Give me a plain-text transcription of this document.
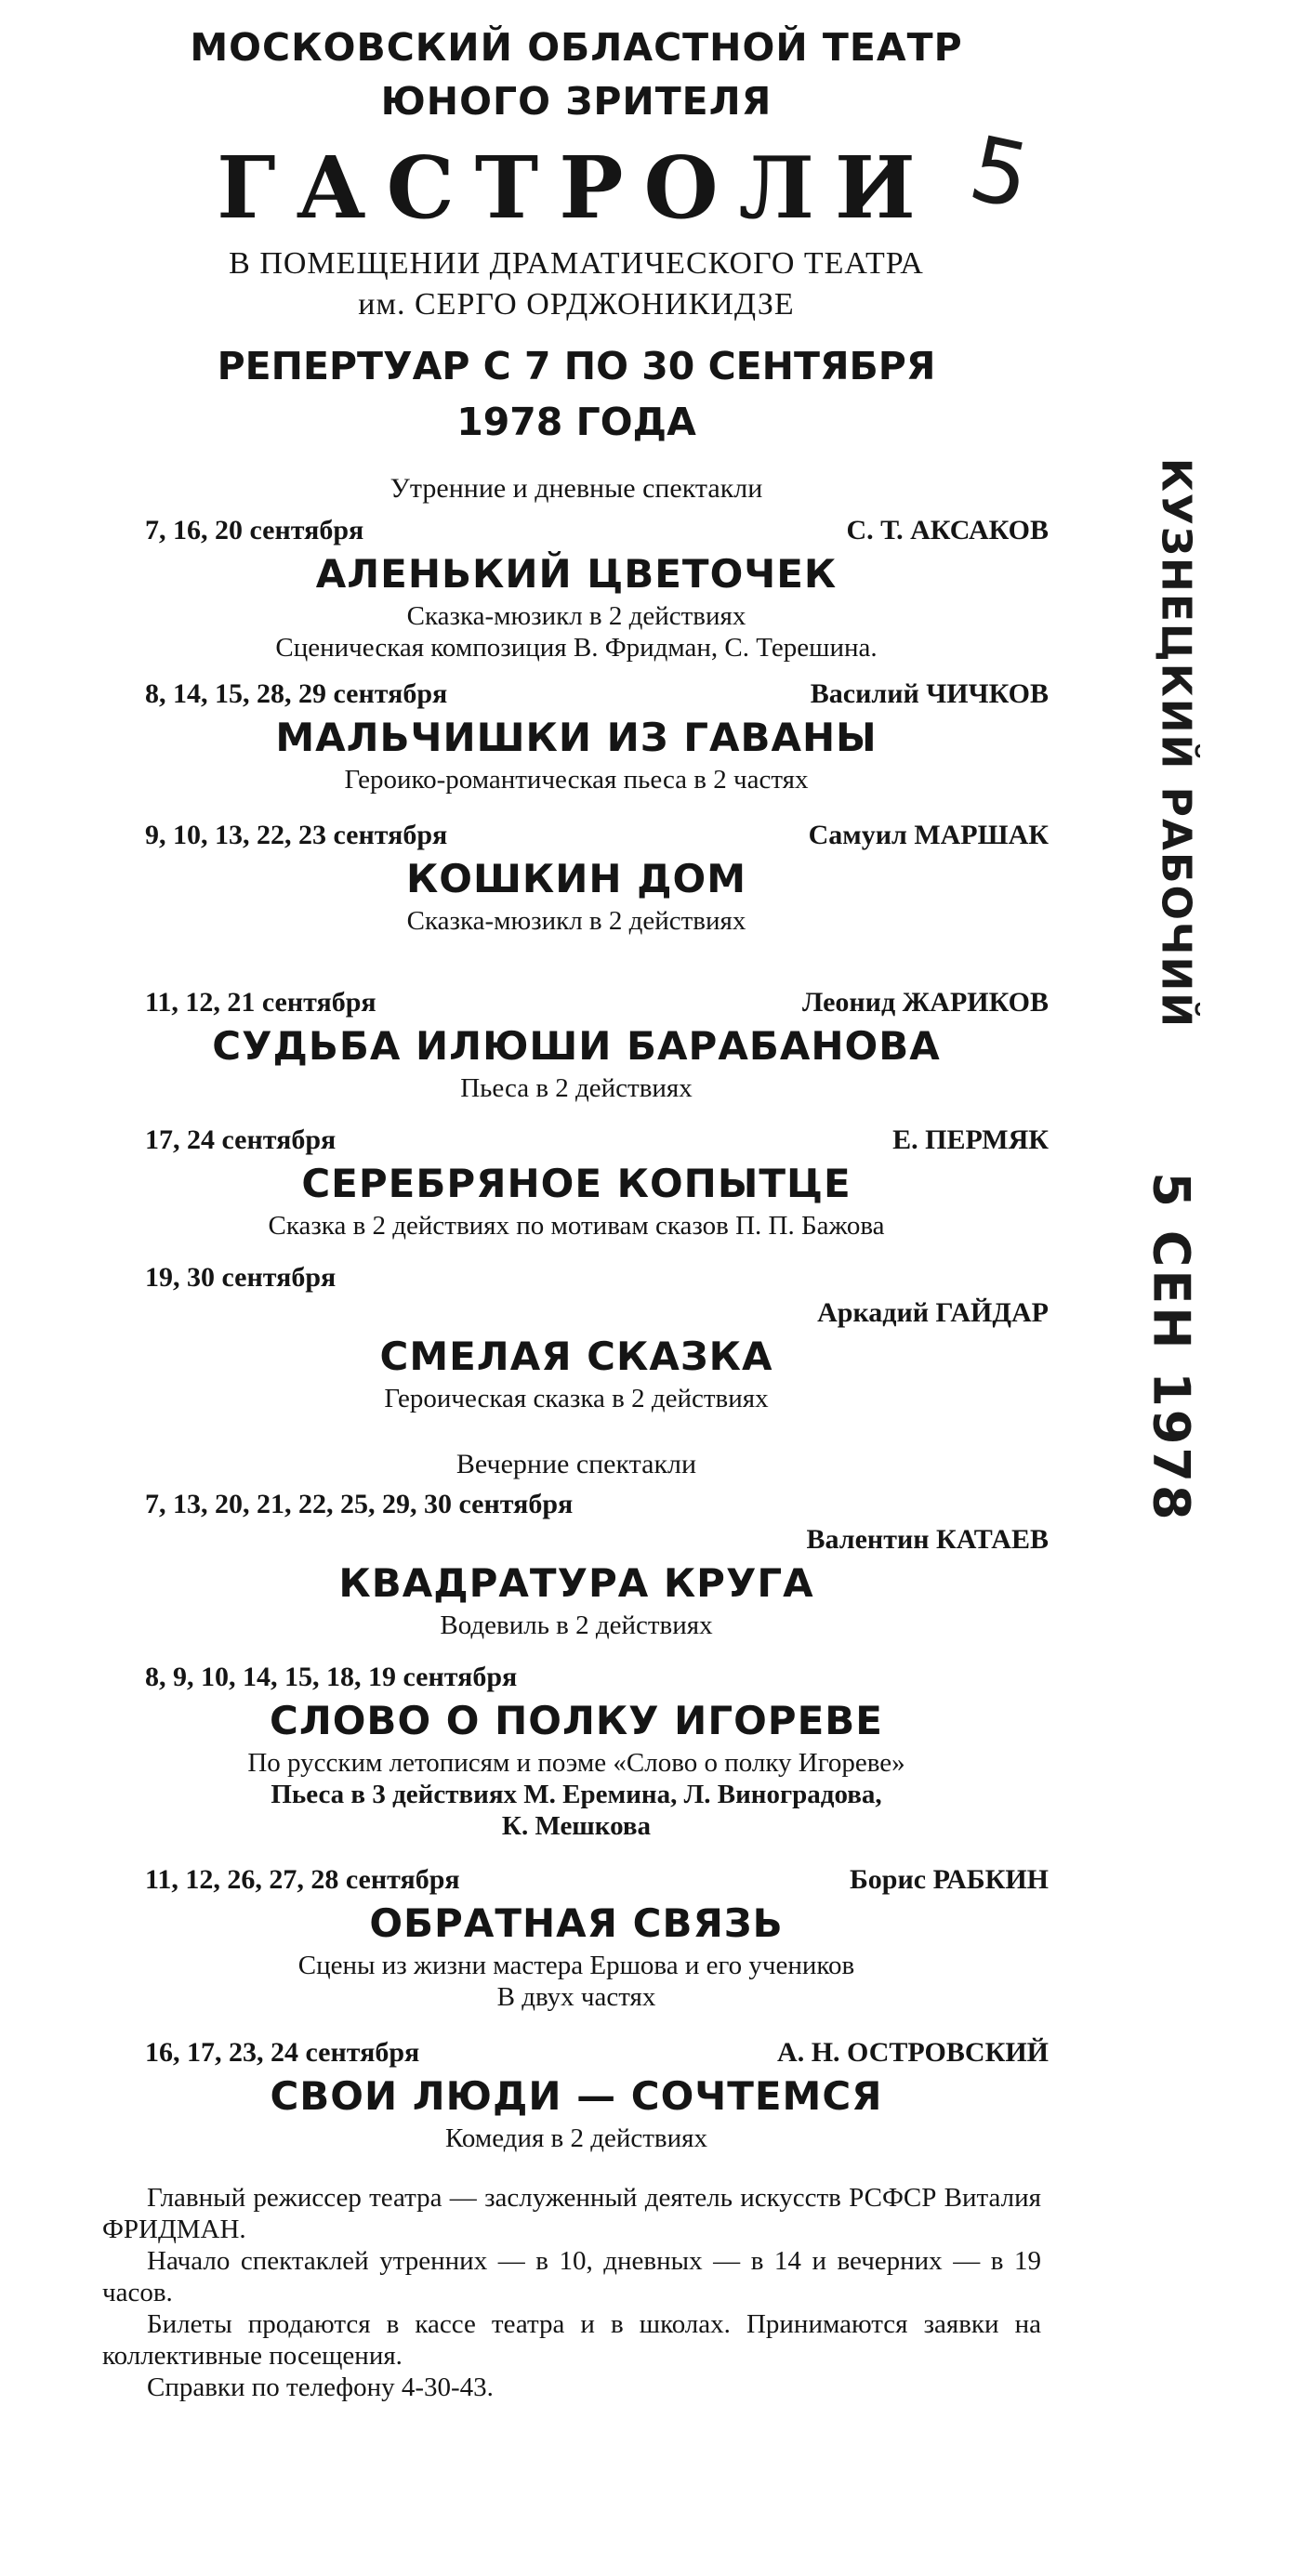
МОСКОВСКИЙ ОБЛАСТНОЙ ТЕАТР
ЮНОГО ЗРИТЕЛЯ
ГАСТРОЛИ
В ПОМЕЩЕНИИ ДРАМАТИЧЕСКОГО ТЕАТРА
им. СЕРГО ОРДЖОНИКИДЗЕ
РЕПЕРТУАР С 7 ПО 30 СЕНТЯБРЯ
1978 ГОДА
Утренние и дневные спектакли
7, 16, 20 сентября	С. Т. АКСАКОВ
АЛЕНЬКИЙ ЦВЕТОЧЕК
Сказка-мюзикл в 2 действиях
Сценическая композиция В. Фридман, С. Терешина.
8, 14, 15, 28, 29 сентября	Василий ЧИЧКОВ
МАЛЬЧИШКИ ИЗ ГАВАНЫ
Героико-романтическая пьеса в 2 частях
9, 10, 13, 22, 23 сентября	Самуил МАРШАК
КОШКИН ДОМ
Сказка-мюзикл в 2 действиях
11, 12, 21 сентября	Леонид ЖАРИКОВ
СУДЬБА ИЛЮШИ БАРАБАНОВА
Пьеса в 2 действиях
17, 24 сентября	Е. ПЕРМЯК
СЕРЕБРЯНОЕ КОПЫТЦЕ
Сказка в 2 действиях по мотивам сказов П. П. Бажова
19, 30 сентября
Аркадий ГАЙДАР
СМЕЛАЯ СКАЗКА
Героическая сказка в 2 действиях
Вечерние спектакли
7, 13, 20, 21, 22, 25, 29, 30 сентября
Валентин КАТАЕВ
КВАДРАТУРА КРУГА
Водевиль в 2 действиях
8, 9, 10, 14, 15, 18, 19 сентября
СЛОВО О ПОЛКУ ИГОРЕВЕ
По русским летописям и поэме «Слово о полку Игореве»
Пьеса в 3 действиях М. Еремина, Л. Виноградова,
К. Мешкова
11, 12, 26, 27, 28 сентября	Борис РАБКИН
ОБРАТНАЯ СВЯЗЬ
Сцены из жизни мастера Ершова и его учеников
В двух частях
16, 17, 23, 24 сентября	А. Н. ОСТРОВСКИЙ
СВОИ ЛЮДИ — СОЧТЕМСЯ
Комедия в 2 действиях

Главный режиссер театра — заслуженный деятель искусств РСФСР Виталия ФРИДМАН.

Начало спектаклей утренних — в 10, дневных — в 14 и вечерних — в 19 часов.

Билеты продаются в кассе театра и в школах. Принимаются заявки на коллективные посещения.

Справки по телефону 4-30-43.

5
КУЗНЕЦКИЙ РАБОЧИЙ
5 СЕН 1978
